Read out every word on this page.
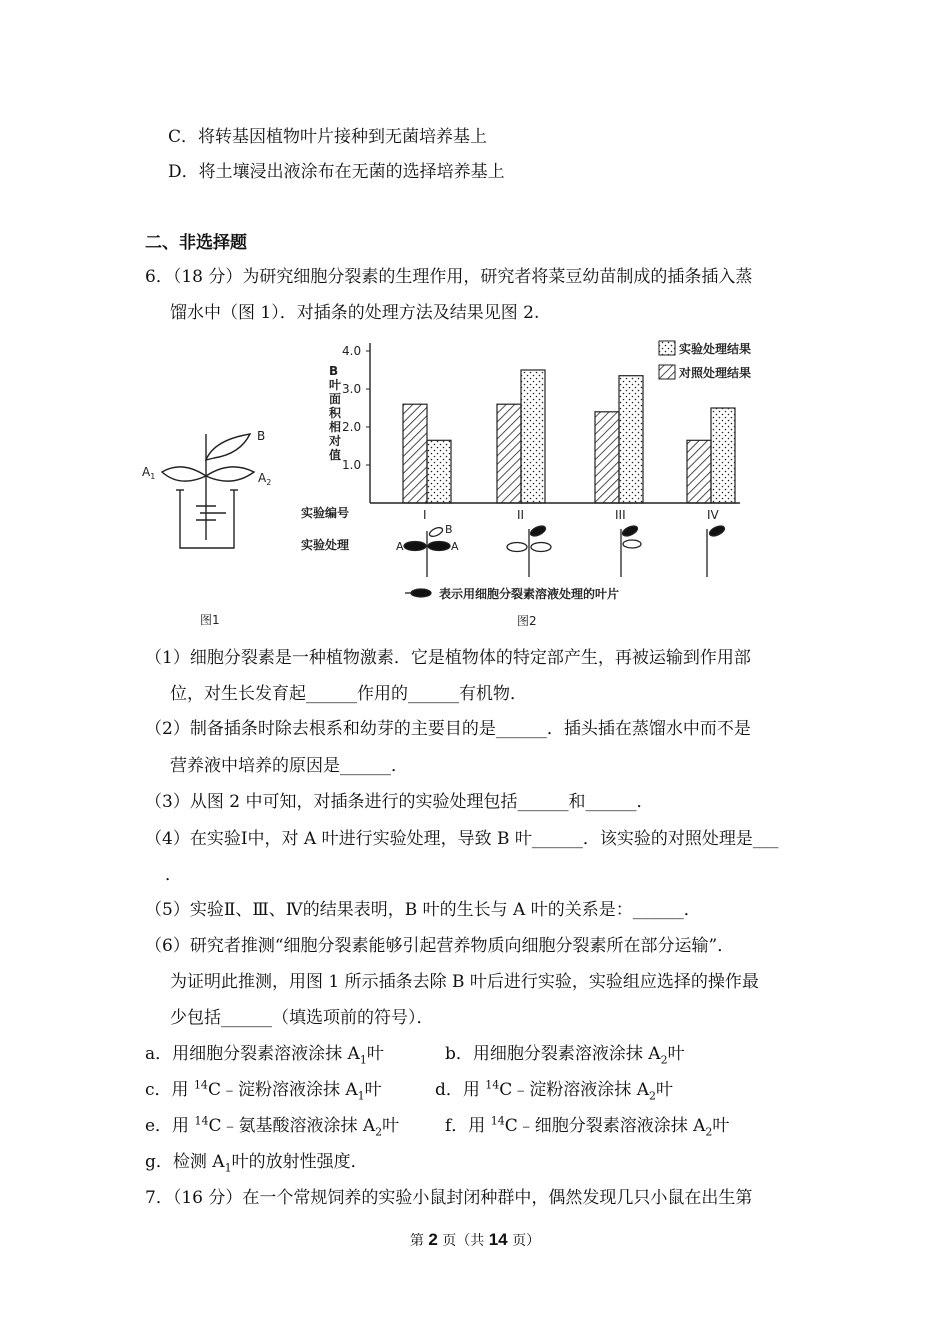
C．将转基因植物叶片接种到无菌培养基上
D．将土壤浸出液涂布在无菌的选择培养基上
二、非选择题
6．（18 分）为研究细胞分裂素的生理作用，研究者将菜豆幼苗制成的插条插入蒸
馏水中（图 1）．对插条的处理方法及结果见图 2.
B
$A_1$	$A_2$
图1
4.0
3.0
2.0
1.0
B
叶
面
积
相
对
值
I	II	III	IV
实验处理结果
对照处理结果
实验编号
实验处理	A	A
B
表示用细胞分裂素溶液处理的叶片
图2
（1）细胞分裂素是一种植物激素．它是植物体的特定部产生，再被运输到作用部
位，对生长发育起______作用的______有机物．
（2）制备插条时除去根系和幼芽的主要目的是______．插头插在蒸馏水中而不是
营养液中培养的原因是______．
（3）从图 2 中可知，对插条进行的实验处理包括______和______．
（4）在实验Ⅰ中，对 A 叶进行实验处理，导致 B 叶______．该实验的对照处理是___
．
（5）实验Ⅱ、Ⅲ、Ⅳ的结果表明，B 叶的生长与 A 叶的关系是：______．
（6）研究者推测“细胞分裂素能够引起营养物质向细胞分裂素所在部分运输”．
为证明此推测，用图 1 所示插条去除 B 叶后进行实验，实验组应选择的操作最
少包括______（填选项前的符号）．
a．用细胞分裂素溶液涂抹 $A_1$叶	b．用细胞分裂素溶液涂抹 $A_2$叶
c．用 $^{14}$C﹣淀粉溶液涂抹 $A_1$叶	d．用 $^{14}$C﹣淀粉溶液涂抹 $A_2$叶
e．用 $^{14}$C﹣氨基酸溶液涂抹 $A_2$叶	f．用 $^{14}$C﹣细胞分裂素溶液涂抹 $A_2$叶
g．检测 $A_1$叶的放射性强度．
7．（16 分）在一个常规饲养的实验小鼠封闭种群中，偶然发现几只小鼠在出生第
第 2 页（共 14 页）
